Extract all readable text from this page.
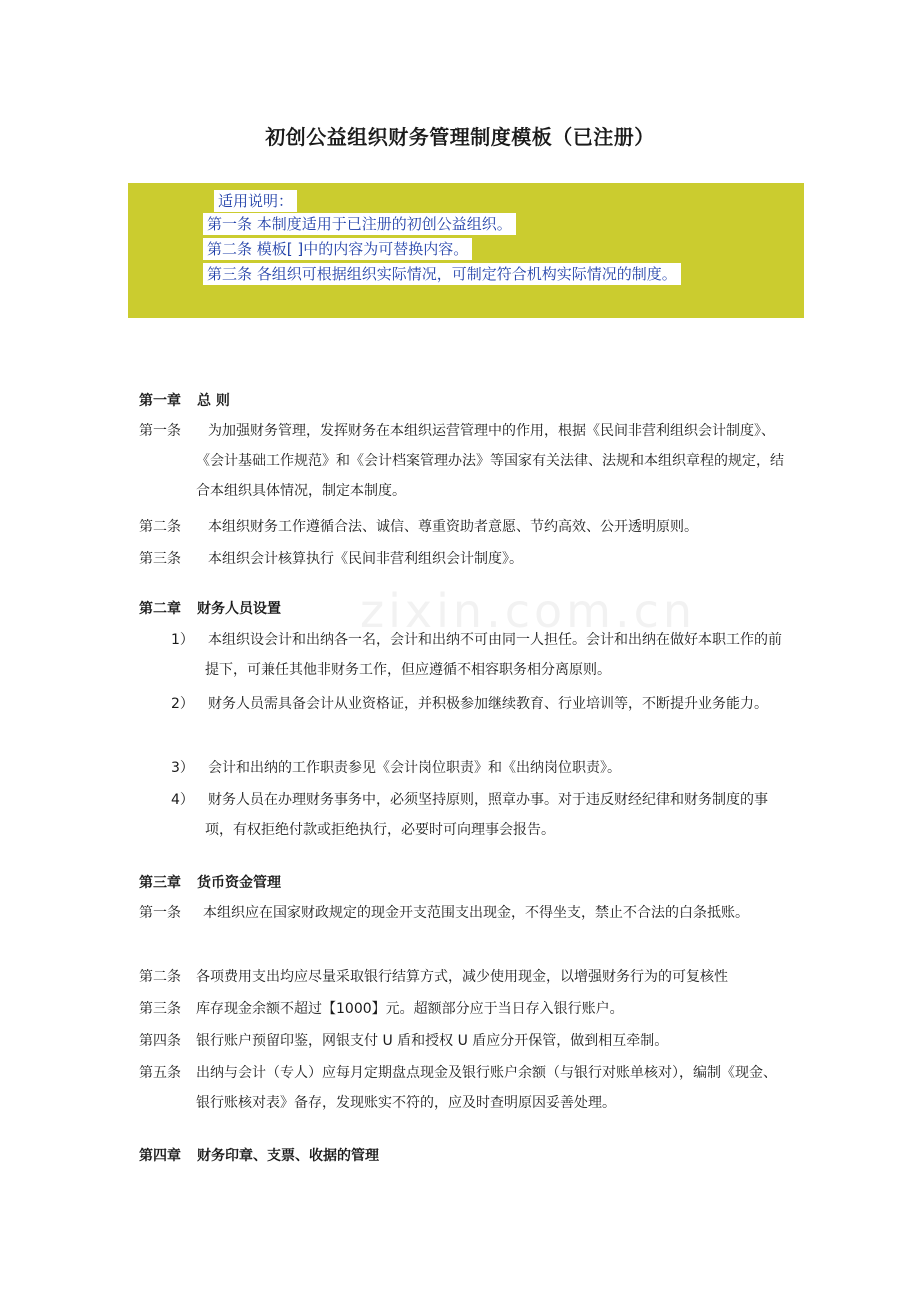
zixin.com.cn
初创公益组织财务管理制度模板（已注册）
适用说明：
第一条 本制度适用于已注册的初创公益组织。
第二条 模板[ ]中的内容为可替换内容。
第三条 各组织可根据组织实际情况，可制定符合机构实际情况的制度。
第一章 总 则
第一条	为加强财务管理，发挥财务在本组织运营管理中的作用，根据《民间非营利组织会计制度》、《会计基础工作规范》和《会计档案管理办法》等国家有关法律、法规和本组织章程的规定，结合本组织具体情况，制定本制度。
第二条	本组织财务工作遵循合法、诚信、尊重资助者意愿、节约高效、公开透明原则。
第三条	本组织会计核算执行《民间非营利组织会计制度》。
第二章 财务人员设置
1）	本组织设会计和出纳各一名，会计和出纳不可由同一人担任。会计和出纳在做好本职工作的前提下，可兼任其他非财务工作，但应遵循不相容职务相分离原则。
2）	财务人员需具备会计从业资格证，并积极参加继续教育、行业培训等，不断提升业务能力。
3）	会计和出纳的工作职责参见《会计岗位职责》和《出纳岗位职责》。
4）	财务人员在办理财务事务中，必须坚持原则，照章办事。对于违反财经纪律和财务制度的事项，有权拒绝付款或拒绝执行，必要时可向理事会报告。
第三章 货币资金管理
第一条	本组织应在国家财政规定的现金开支范围支出现金，不得坐支，禁止不合法的白条抵账。
第二条	各项费用支出均应尽量采取银行结算方式，减少使用现金，以增强财务行为的可复核性
第三条	库存现金余额不超过【1000】元。超额部分应于当日存入银行账户。
第四条	银行账户预留印鉴，网银支付 U 盾和授权 U 盾应分开保管，做到相互牵制。
第五条	出纳与会计（专人）应每月定期盘点现金及银行账户余额（与银行对账单核对），编制《现金、银行账核对表》备存，发现账实不符的，应及时查明原因妥善处理。
第四章 财务印章、支票、收据的管理
